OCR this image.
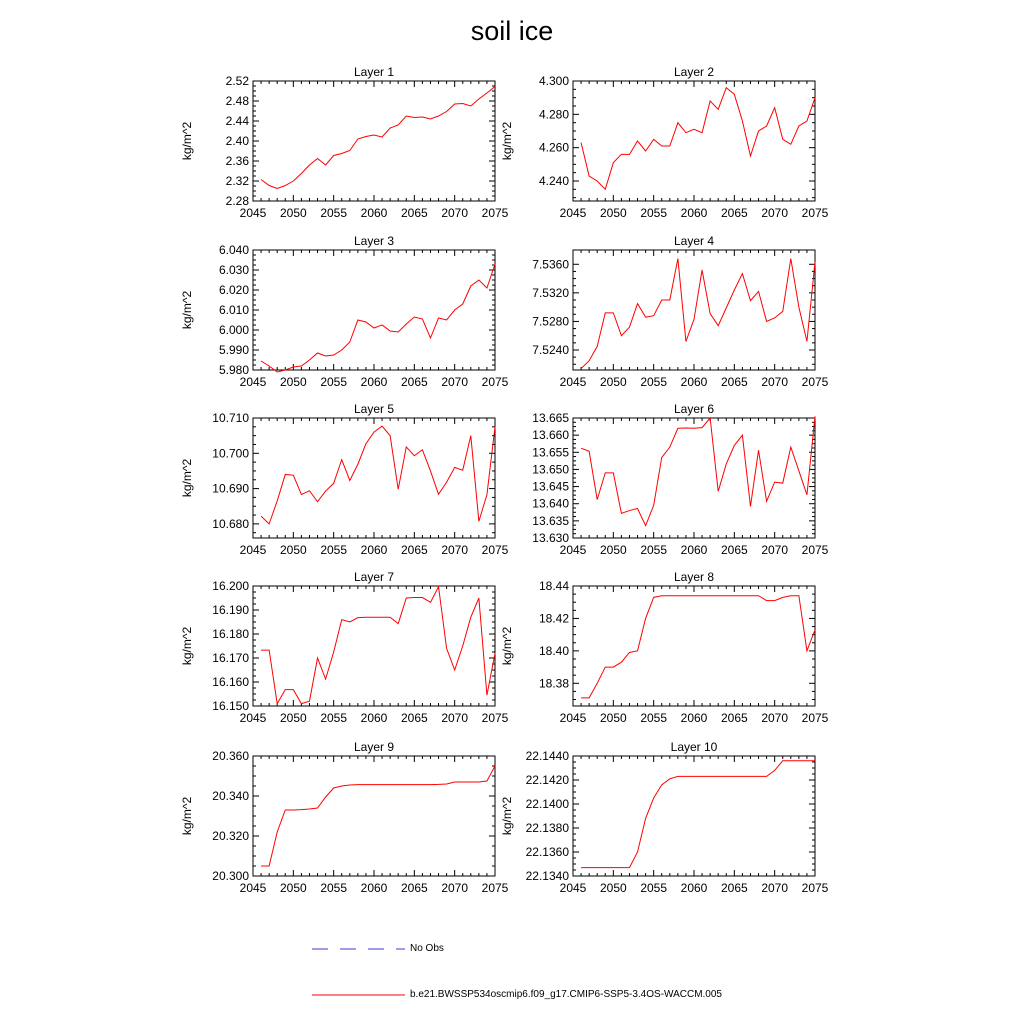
soil ice
Layer 1
2045 2050 2055 2060 2065 2070 2075
2.28
2.32
2.36
2.40
2.44
2.48
2.52
kg/m^2
Layer 2
2045 2050 2055 2060 2065 2070 2075
4.240
4.260
4.280
4.300
kg/m^2
Layer 3
2045 2050 2055 2060 2065 2070 2075
5.980
5.990
6.000
6.010
6.020
6.030
6.040
kg/m^2
Layer 4
2045 2050 2055 2060 2065 2070 2075
7.5240
7.5280
7.5320
7.5360
Layer 5
2045 2050 2055 2060 2065 2070 2075
10.680
10.690
10.700
10.710
kg/m^2
Layer 6
2045 2050 2055 2060 2065 2070 2075
13.630
13.635
13.640
13.645
13.650
13.655
13.660
13.665
Layer 7
2045 2050 2055 2060 2065 2070 2075
16.150
16.160
16.170
16.180
16.190
16.200
kg/m^2
Layer 8
2045 2050 2055 2060 2065 2070 2075
18.38
18.40
18.42
18.44
kg/m^2
Layer 9
2045 2050 2055 2060 2065 2070 2075
20.300
20.320
20.340
20.360
kg/m^2
Layer 10
2045 2050 2055 2060 2065 2070 2075
22.1340
22.1360
22.1380
22.1400
22.1420
22.1440
kg/m^2
No Obs
b.e21.BWSSP534oscmip6.f09_g17.CMIP6-SSP5-3.4OS-WACCM.005
